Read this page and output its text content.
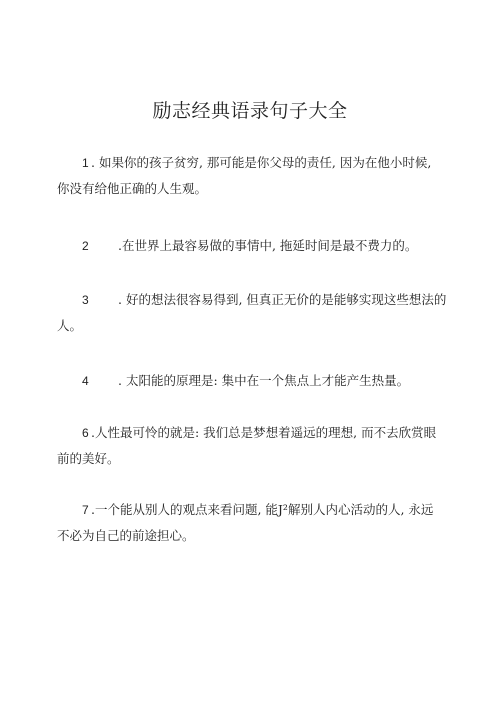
励志经典语录句子大全
1 . 如果你的孩子贫穷, 那可能是你父母的责任, 因为在他小时候,
你没有给他正确的人生观。
2 .在世界上最容易做的事情中, 拖延时间是最不费力的。
3 . 好的想法很容易得到, 但真正无价的是能够实现这些想法的
人。
4 . 太阳能的原理是: 集中在一个焦点上才能产生热量。
6 .人性最可怜的就是: 我们总是梦想着遥远的理想, 而不去欣赏眼
前的美好。
7 .一个能从别人的观点来看问题, 能J²解别人内心活动的人, 永远
不必为自己的前途担心。
